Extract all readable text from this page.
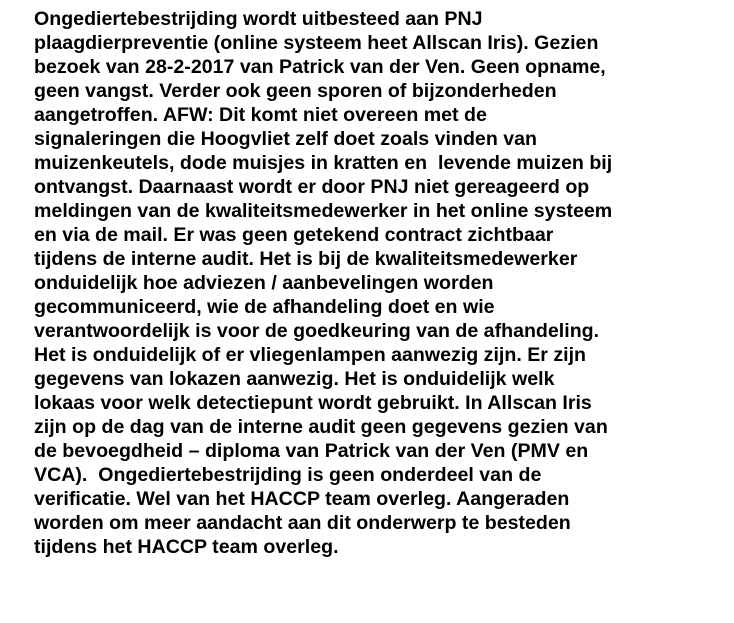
Ongediertebestrijding wordt uitbesteed aan PNJ
plaagdierpreventie (online systeem heet Allscan Iris). Gezien
bezoek van 28-2-2017 van Patrick van der Ven. Geen opname,
geen vangst. Verder ook geen sporen of bijzonderheden
aangetroffen. AFW: Dit komt niet overeen met de
signaleringen die Hoogvliet zelf doet zoals vinden van
muizenkeutels, dode muisjes in kratten en  levende muizen bij
ontvangst. Daarnaast wordt er door PNJ niet gereageerd op
meldingen van de kwaliteitsmedewerker in het online systeem
en via de mail. Er was geen getekend contract zichtbaar
tijdens de interne audit. Het is bij de kwaliteitsmedewerker
onduidelijk hoe adviezen / aanbevelingen worden
gecommuniceerd, wie de afhandeling doet en wie
verantwoordelijk is voor de goedkeuring van de afhandeling.
Het is onduidelijk of er vliegenlampen aanwezig zijn. Er zijn
gegevens van lokazen aanwezig. Het is onduidelijk welk
lokaas voor welk detectiepunt wordt gebruikt. In Allscan Iris
zijn op de dag van de interne audit geen gegevens gezien van
de bevoegdheid – diploma van Patrick van der Ven (PMV en
VCA).  Ongediertebestrijding is geen onderdeel van de
verificatie. Wel van het HACCP team overleg. Aangeraden
worden om meer aandacht aan dit onderwerp te besteden
tijdens het HACCP team overleg.
